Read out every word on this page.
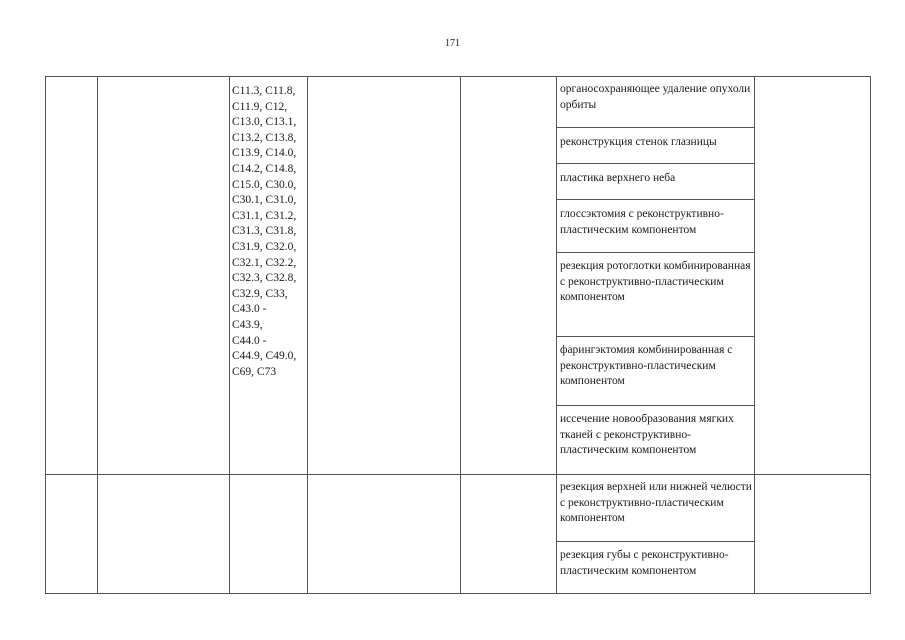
171
C11.3, C11.8,
C11.9, C12,
C13.0, C13.1,
C13.2, C13.8,
C13.9, C14.0,
C14.2, C14.8,
C15.0, C30.0,
C30.1, C31.0,
C31.1, C31.2,
C31.3, C31.8,
C31.9, C32.0,
C32.1, C32.2,
C32.3, C32.8,
C32.9, C33,
C43.0 -
C43.9,
C44.0 -
C44.9, C49.0,
C69, C73
органосохраняющее удаление опухоли орбиты
реконструкция стенок глазницы
пластика верхнего неба
глоссэктомия с реконструктивно-пластическим компонентом
резекция ротоглотки комбинированная с реконструктивно-пластическим компонентом
фарингэктомия комбинированная с реконструктивно-пластическим компонентом
иссечение новообразования мягких тканей с реконструктивно-пластическим компонентом
резекция верхней или нижней челюсти с реконструктивно-пластическим компонентом
резекция губы с реконструктивно-пластическим компонентом
